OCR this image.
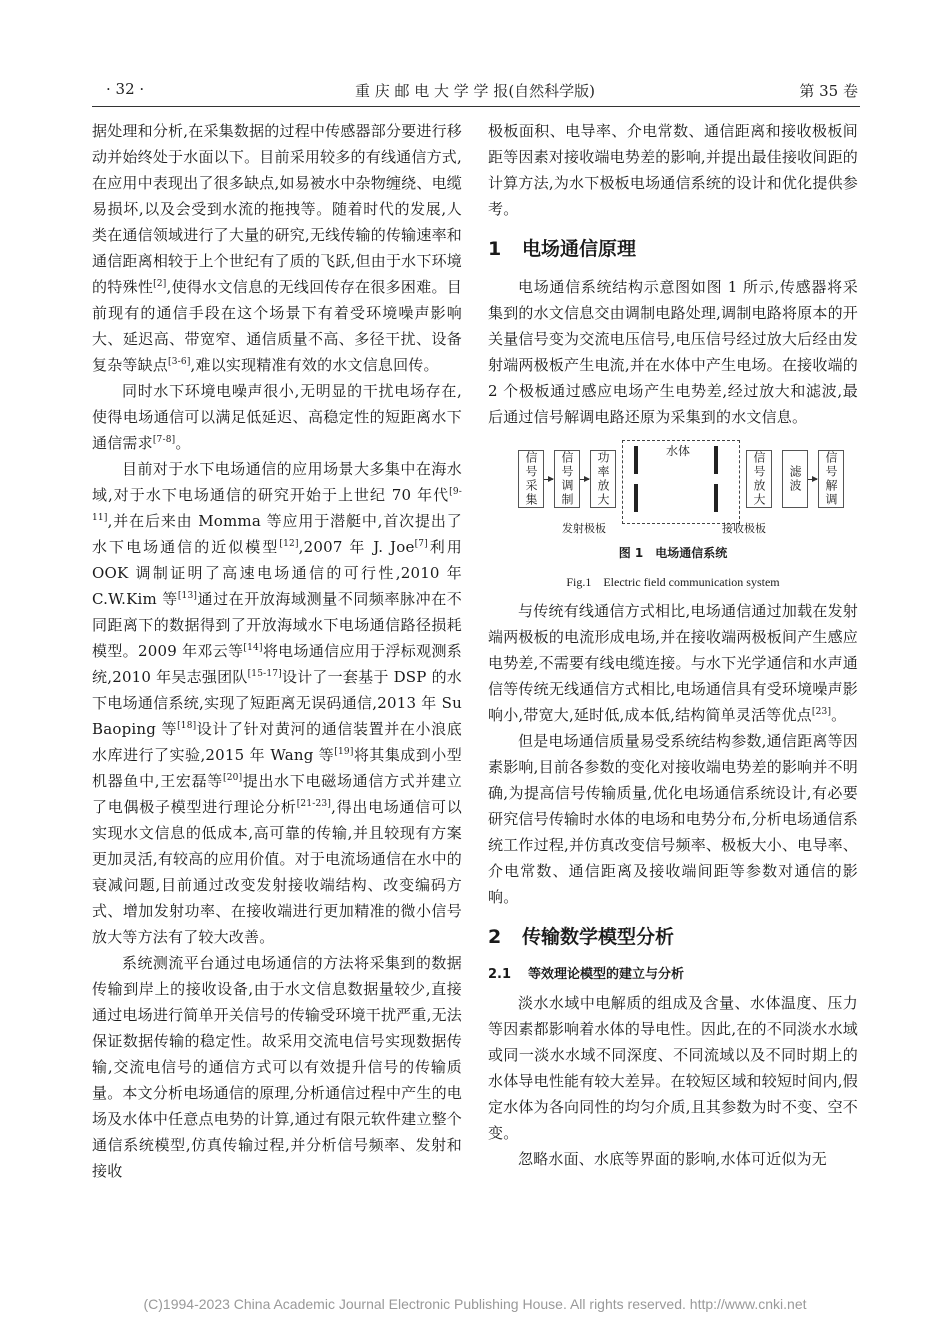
· 32 ·	重 庆 邮 电 大 学 学 报(自然科学版)	第 35 卷

据处理和分析,在采集数据的过程中传感器部分要进行移动并始终处于水面以下。目前采用较多的有线通信方式,在应用中表现出了很多缺点,如易被水中杂物缠绕、电缆易损坏,以及会受到水流的拖拽等。随着时代的发展,人类在通信领域进行了大量的研究,无线传输的传输速率和通信距离相较于上个世纪有了质的飞跃,但由于水下环境的特殊性[2],使得水文信息的无线回传存在很多困难。目前现有的通信手段在这个场景下有着受环境噪声影响大、延迟高、带宽窄、通信质量不高、多径干扰、设备复杂等缺点[3-6],难以实现精准有效的水文信息回传。

同时水下环境电噪声很小,无明显的干扰电场存在,使得电场通信可以满足低延迟、高稳定性的短距离水下通信需求[7-8]。

目前对于水下电场通信的应用场景大多集中在海水域,对于水下电场通信的研究开始于上世纪 70 年代[9-11],并在后来由 Momma 等应用于潜艇中,首次提出了水下电场通信的近似模型[12],2007 年 J. Joe[7]利用 OOK 调制证明了高速电场通信的可行性,2010 年 C.W.Kim 等[13]通过在开放海域测量不同频率脉冲在不同距离下的数据得到了开放海域水下电场通信路径损耗模型。2009 年邓云等[14]将电场通信应用于浮标观测系统,2010 年吴志强团队[15-17]设计了一套基于 DSP 的水下电场通信系统,实现了短距离无误码通信,2013 年 Su Baoping 等[18]设计了针对黄河的通信装置并在小浪底水库进行了实验,2015 年 Wang 等[19]将其集成到小型机器鱼中,王宏磊等[20]提出水下电磁场通信方式并建立了电偶极子模型进行理论分析[21-23],得出电场通信可以实现水文信息的低成本,高可靠的传输,并且较现有方案更加灵活,有较高的应用价值。对于电流场通信在水中的衰减问题,目前通过改变发射接收端结构、改变编码方式、增加发射功率、在接收端进行更加精准的微小信号放大等方法有了较大改善。

系统测流平台通过电场通信的方法将采集到的数据传输到岸上的接收设备,由于水文信息数据量较少,直接通过电场进行简单开关信号的传输受环境干扰严重,无法保证数据传输的稳定性。故采用交流电信号实现数据传输,交流电信号的通信方式可以有效提升信号的传输质量。本文分析电场通信的原理,分析通信过程中产生的电场及水体中任意点电势的计算,通过有限元软件建立整个通信系统模型,仿真传输过程,并分析信号频率、发射和接收

极板面积、电导率、介电常数、通信距离和接收极板间距等因素对接收端电势差的影响,并提出最佳接收间距的计算方法,为水下极板电场通信系统的设计和优化提供参考。

1 电场通信原理

电场通信系统结构示意图如图 1 所示,传感器将采集到的水文信息交由调制电路处理,调制电路将原本的开关量信号变为交流电压信号,电压信号经过放大后经由发射端两极板产生电流,并在水体中产生电场。在接收端的 2 个极板通过感应电场产生电势差,经过放大和滤波,最后通过信号解调电路还原为采集到的水文信息。

信号采集	信号调制	功率放大	水体	信号放大	滤波	信号解调
发射极板	接收极板
图 1　电场通信系统
Fig.1　Electric field communication system

与传统有线通信方式相比,电场通信通过加载在发射端两极板的电流形成电场,并在接收端两极板间产生感应电势差,不需要有线电缆连接。与水下光学通信和水声通信等传统无线通信方式相比,电场通信具有受环境噪声影响小,带宽大,延时低,成本低,结构简单灵活等优点[23]。

但是电场通信质量易受系统结构参数,通信距离等因素影响,目前各参数的变化对接收端电势差的影响并不明确,为提高信号传输质量,优化电场通信系统设计,有必要研究信号传输时水体的电场和电势分布,分析电场通信系统工作过程,并仿真改变信号频率、极板大小、电导率、介电常数、通信距离及接收端间距等参数对通信的影响。

2 传输数学模型分析
2.1 等效理论模型的建立与分析

淡水水域中电解质的组成及含量、水体温度、压力等因素都影响着水体的导电性。因此,在的不同淡水水域或同一淡水水域不同深度、不同流域以及不同时期上的水体导电性能有较大差异。在较短区域和较短时间内,假定水体为各向同性的均匀介质,且其参数为时不变、空不变。

忽略水面、水底等界面的影响,水体可近似为无

(C)1994-2023 China Academic Journal Electronic Publishing House. All rights reserved. http://www.cnki.net
